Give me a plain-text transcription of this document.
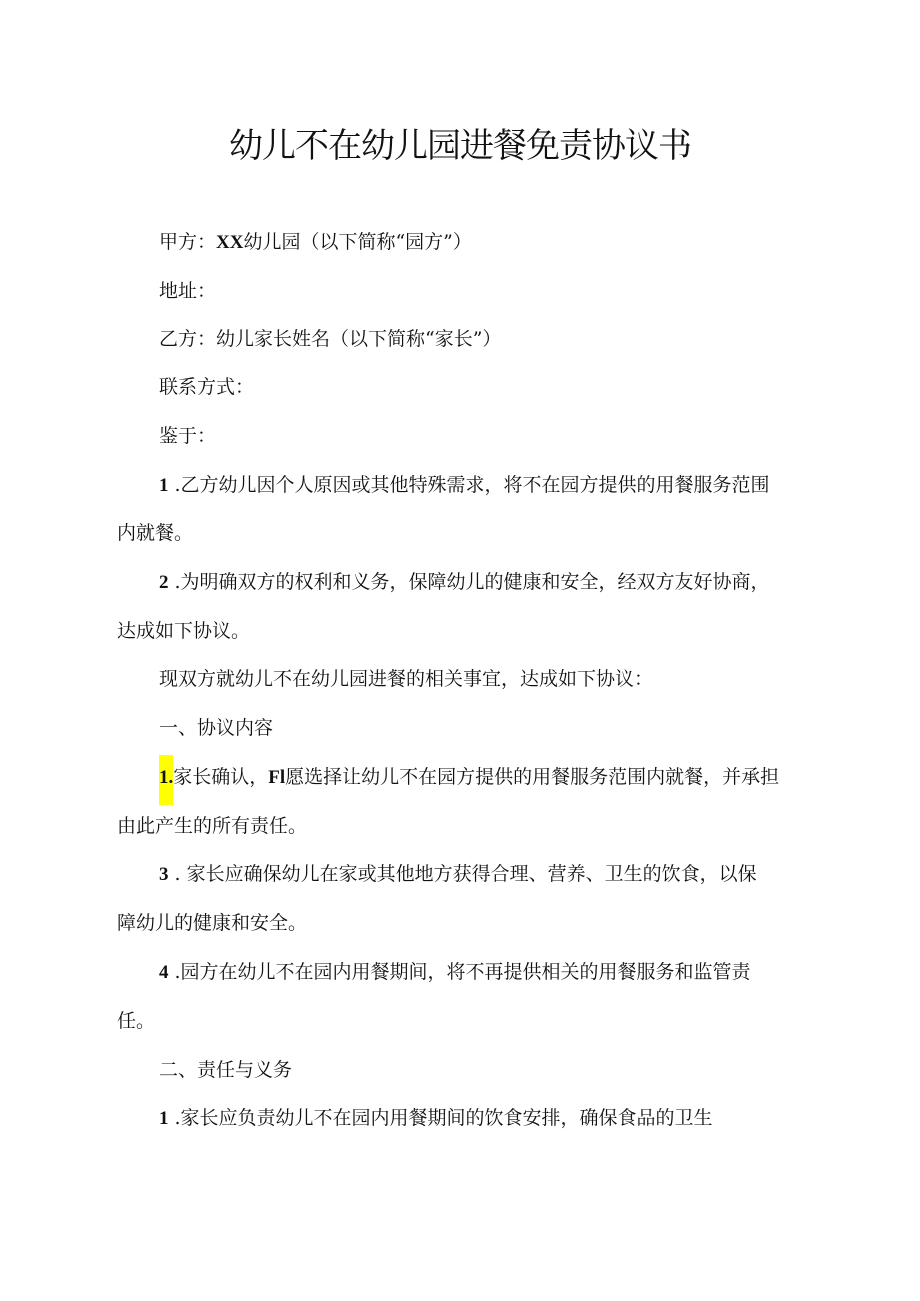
幼儿不在幼儿园进餐免责协议书

甲方：XX幼儿园（以下简称“园方”）

地址：

乙方：幼儿家长姓名（以下简称“家长”）

联系方式：

鉴于：

1 .乙方幼儿因个人原因或其他特殊需求，将不在园方提供的用餐服务范围

内就餐。

2 .为明确双方的权利和义务，保障幼儿的健康和安全，经双方友好协商，

达成如下协议。

现双方就幼儿不在幼儿园进餐的相关事宜，达成如下协议：

一、协议内容

1.家长确认，Fl愿选择让幼儿不在园方提供的用餐服务范围内就餐，并承担

由此产生的所有责任。

3 . 家长应确保幼儿在家或其他地方获得合理、营养、卫生的饮食，以保

障幼儿的健康和安全。

4 .园方在幼儿不在园内用餐期间，将不再提供相关的用餐服务和监管责

任。

二、责任与义务

1 .家长应负责幼儿不在园内用餐期间的饮食安排，确保食品的卫生
